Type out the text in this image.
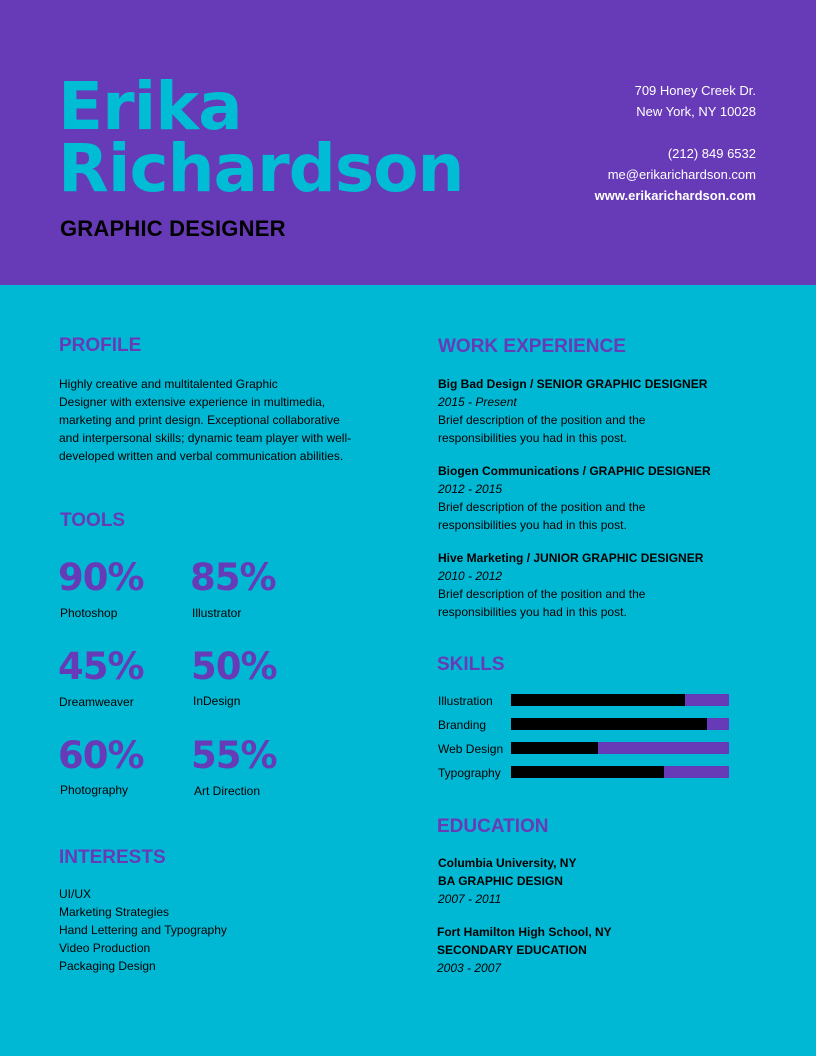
Erika
Richardson
GRAPHIC DESIGNER
709 Honey Creek Dr.
New York, NY 10028
(212) 849 6532
me@erikarichardson.com
www.erikarichardson.com
PROFILE
Highly creative and multitalented Graphic
Designer with extensive experience in multimedia,
marketing and print design. Exceptional collaborative
and interpersonal skills; dynamic team player with well-
developed written and verbal communication abilities.
TOOLS
90%
Photoshop
85%
Illustrator
45%
Dreamweaver
50%
InDesign
60%
Photography
55%
Art Direction
INTERESTS
UI/UX
Marketing Strategies
Hand Lettering and Typography
Video Production
Packaging Design
WORK EXPERIENCE
Big Bad Design / SENIOR GRAPHIC DESIGNER
2015 - Present
Brief description of the position and the
responsibilities you had in this post.
Biogen Communications / GRAPHIC DESIGNER
2012 - 2015
Brief description of the position and the
responsibilities you had in this post.
Hive Marketing / JUNIOR GRAPHIC DESIGNER
2010 - 2012
Brief description of the position and the
responsibilities you had in this post.
SKILLS
Illustration
Branding
Web Design
Typography
EDUCATION
Columbia University, NY
BA GRAPHIC DESIGN
2007 - 2011
Fort Hamilton High School, NY
SECONDARY EDUCATION
2003 - 2007
